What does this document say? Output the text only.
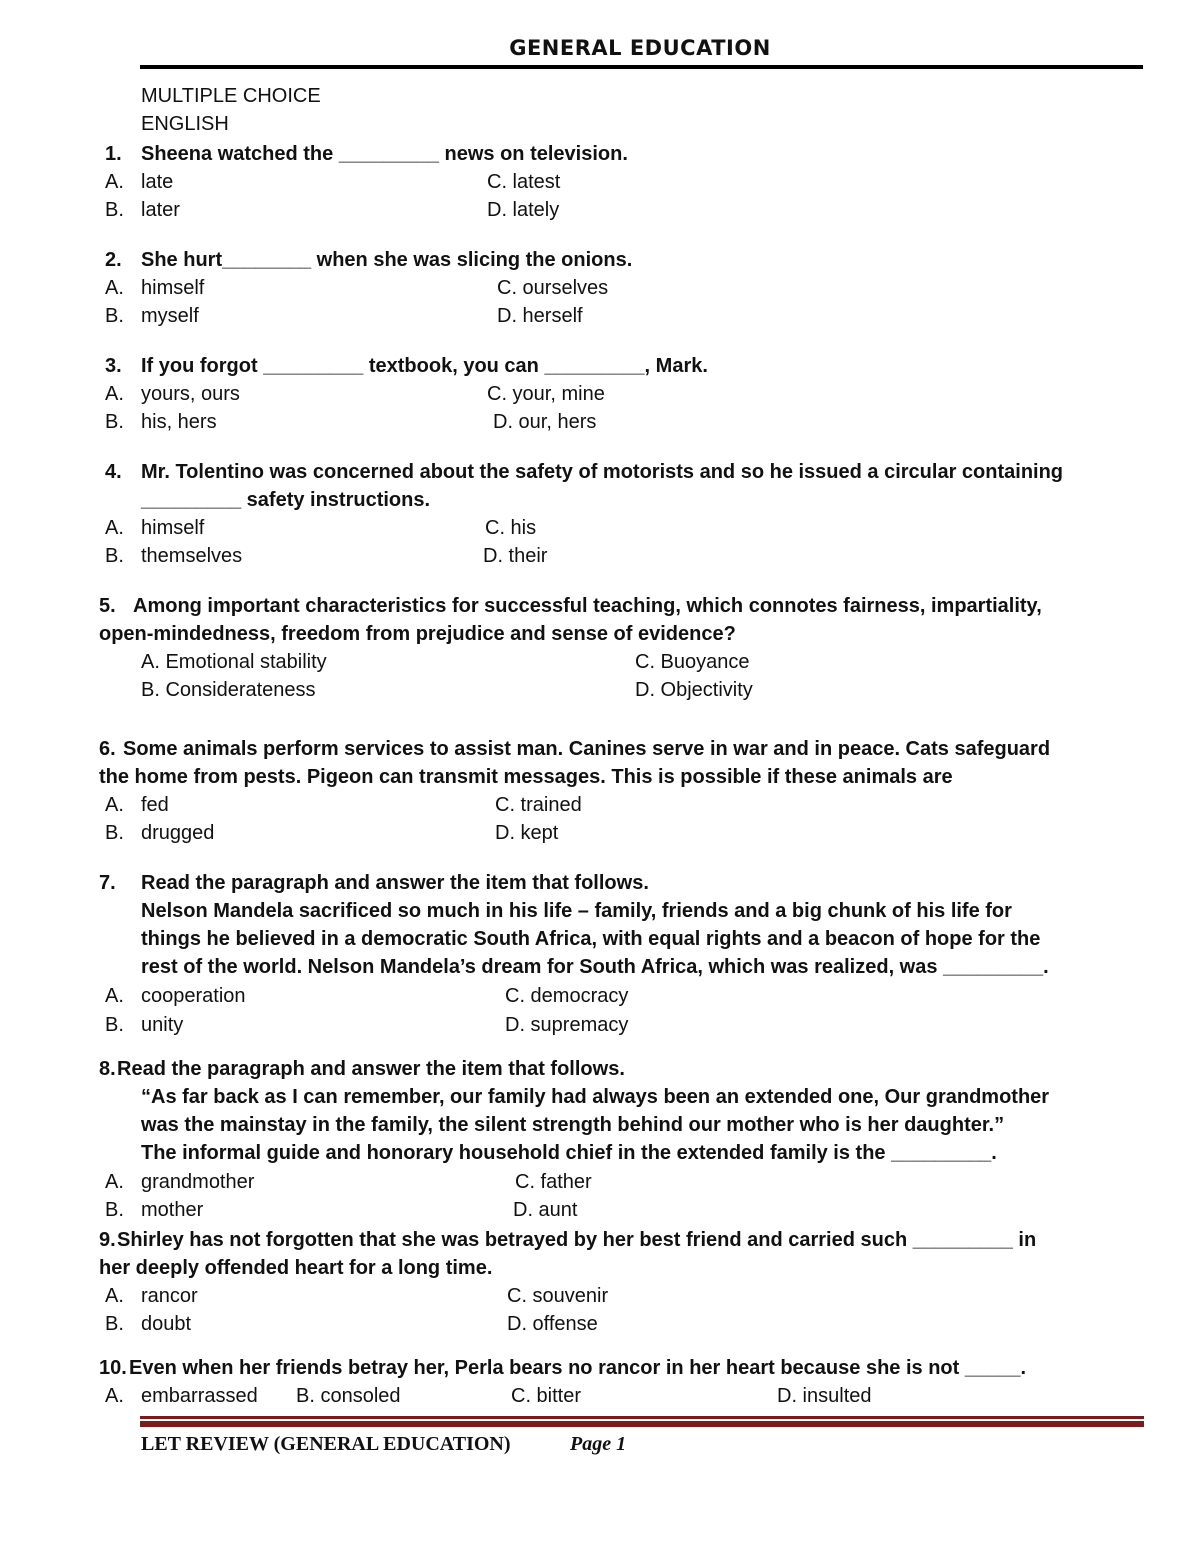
GENERAL EDUCATION
MULTIPLE CHOICE
ENGLISH
1. Sheena watched the _________ news on television.
A. late	C. latest
B. later	D. lately
2. She hurt________ when she was slicing the onions.
A. himself	C. ourselves
B. myself	D. herself
3. If you forgot _________ textbook, you can _________, Mark.
A. yours, ours	C. your, mine
B. his, hers	D. our, hers
4. Mr. Tolentino was concerned about the safety of motorists and so he issued a circular containing
_________ safety instructions.
A. himself	C. his
B. themselves	D. their
5. Among important characteristics for successful teaching, which connotes fairness, impartiality,
open-mindedness, freedom from prejudice and sense of evidence?
A. Emotional stability	C. Buoyance
B. Considerateness	D. Objectivity
6. Some animals perform services to assist man. Canines serve in war and in peace. Cats safeguard
the home from pests. Pigeon can transmit messages. This is possible if these animals are
A. fed	C. trained
B. drugged	D. kept
7. Read the paragraph and answer the item that follows.
Nelson Mandela sacrificed so much in his life – family, friends and a big chunk of his life for
things he believed in a democratic South Africa, with equal rights and a beacon of hope for the
rest of the world. Nelson Mandela’s dream for South Africa, which was realized, was _________.
A. cooperation	C. democracy
B. unity	D. supremacy
8. Read the paragraph and answer the item that follows.
“As far back as I can remember, our family had always been an extended one, Our grandmother
was the mainstay in the family, the silent strength behind our mother who is her daughter.”
The informal guide and honorary household chief in the extended family is the _________.
A. grandmother	C. father
B. mother	D. aunt
9. Shirley has not forgotten that she was betrayed by her best friend and carried such _________ in
her deeply offended heart for a long time.
A. rancor	C. souvenir
B. doubt	D. offense
10. Even when her friends betray her, Perla bears no rancor in her heart because she is not _____.
A. embarrassed B. consoled	C. bitter	D. insulted
LET REVIEW (GENERAL EDUCATION)	Page 1
